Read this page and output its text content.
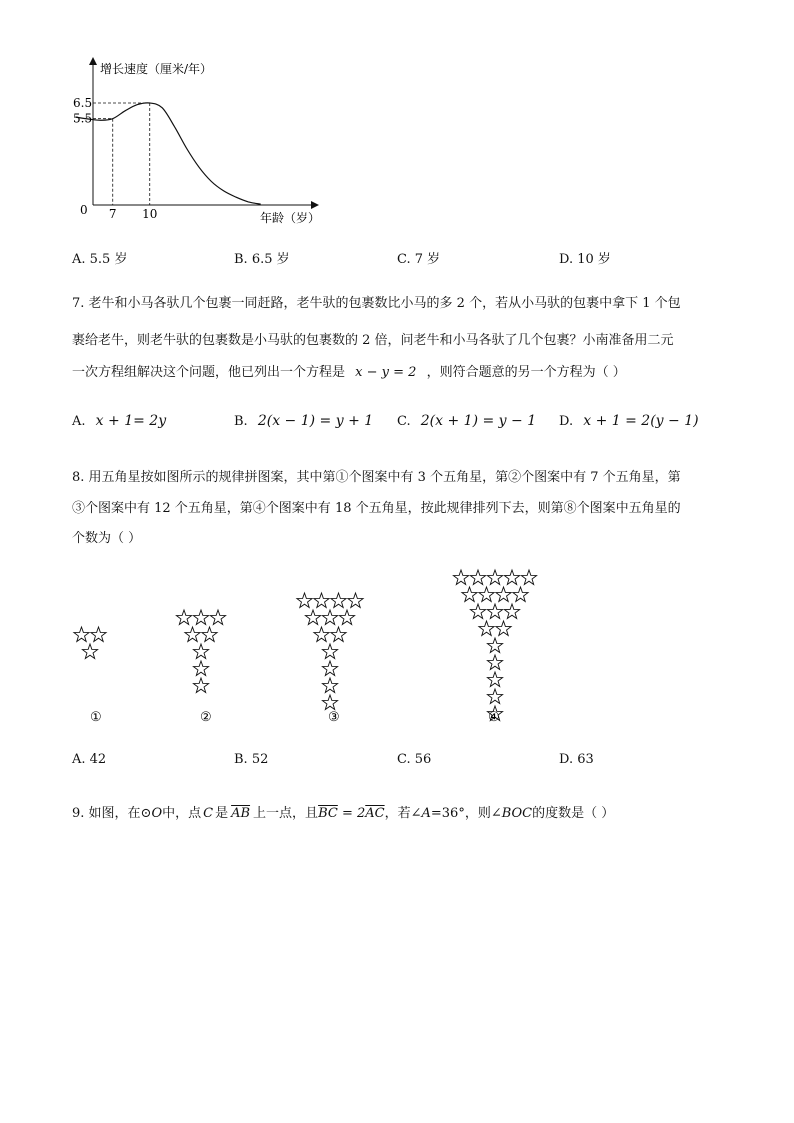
增长速度（厘米/年）
年龄（岁）
0
6.5
5.5
7 10
A. 5.5 岁	B. 6.5 岁	C. 7 岁	D. 10 岁
7. 老牛和小马各驮几个包裹一同赶路，老牛驮的包裹数比小马的多 2 个，若从小马驮的包裹中拿下 1 个包
裹给老牛，则老牛驮的包裹数是小马驮的包裹数的 2 倍，问老牛和小马各驮了几个包裹？小南准备用二元
一次方程组解决这个问题，他已列出一个方程是 x − y = 2 ，则符合题意的另一个方程为（ ）
A. x + 1= 2y	B. 2(x − 1) = y + 1 C. 2(x + 1) = y − 1 D. x + 1 = 2(y − 1)
8. 用五角星按如图所示的规律拼图案，其中第①个图案中有 3 个五角星，第②个图案中有 7 个五角星，第
③个图案中有 12 个五角星，第④个图案中有 18 个五角星，按此规律排列下去，则第⑧个图案中五角星的
个数为（ ）
①	②	③	④
A. 42	B. 52	C. 56	D. 63
9. 如图，在⊙O中，点 C 是 $\overline{AB}$ 上一点，且$\overline{BC} = 2\overline{AC}$，若∠A=36°，则∠BOC的度数是（ ）
